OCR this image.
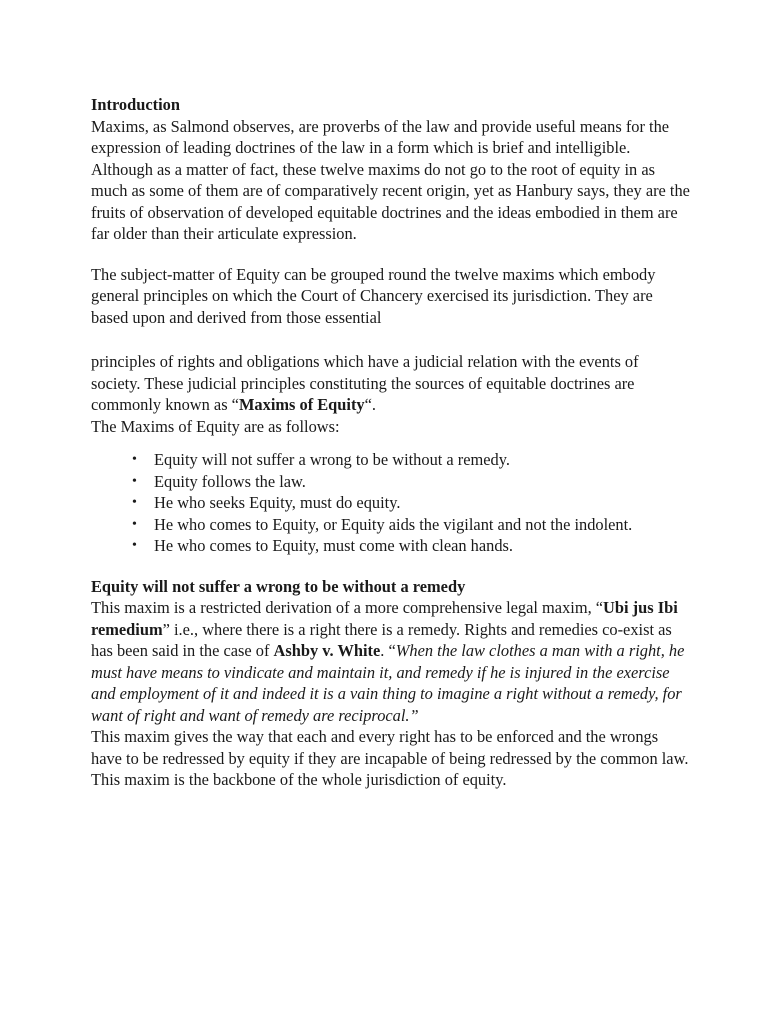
Introduction

Maxims, as Salmond observes, are proverbs of the law and provide useful means for the expression of leading doctrines of the law in a form which is brief and intelligible. Although as a matter of fact, these twelve maxims do not go to the root of equity in as much as some of them are of comparatively recent origin, yet as Hanbury says, they are the fruits of observation of developed equitable doctrines and the ideas embodied in them are far older than their articulate expression.

The subject-matter of Equity can be grouped round the twelve maxims which embody general principles on which the Court of Chancery exercised its jurisdiction. They are based upon and derived from those essential

principles of rights and obligations which have a judicial relation with the events of society. These judicial principles constituting the sources of equitable doctrines are commonly known as “Maxims of Equity“.

The Maxims of Equity are as follows:

• Equity will not suffer a wrong to be without a remedy.
• Equity follows the law.
• He who seeks Equity, must do equity.
• He who comes to Equity, or Equity aids the vigilant and not the indolent.
• He who comes to Equity, must come with clean hands.

Equity will not suffer a wrong to be without a remedy

This maxim is a restricted derivation of a more comprehensive legal maxim, “Ubi jus Ibi remedium” i.e., where there is a right there is a remedy. Rights and remedies co-exist as has been said in the case of Ashby v. White. “When the law clothes a man with a right, he must have means to vindicate and maintain it, and remedy if he is injured in the exercise and employment of it and indeed it is a vain thing to imagine a right without a remedy, for want of right and want of remedy are reciprocal.”

This maxim gives the way that each and every right has to be enforced and the wrongs have to be redressed by equity if they are incapable of being redressed by the common law. This maxim is the backbone of the whole jurisdiction of equity.
